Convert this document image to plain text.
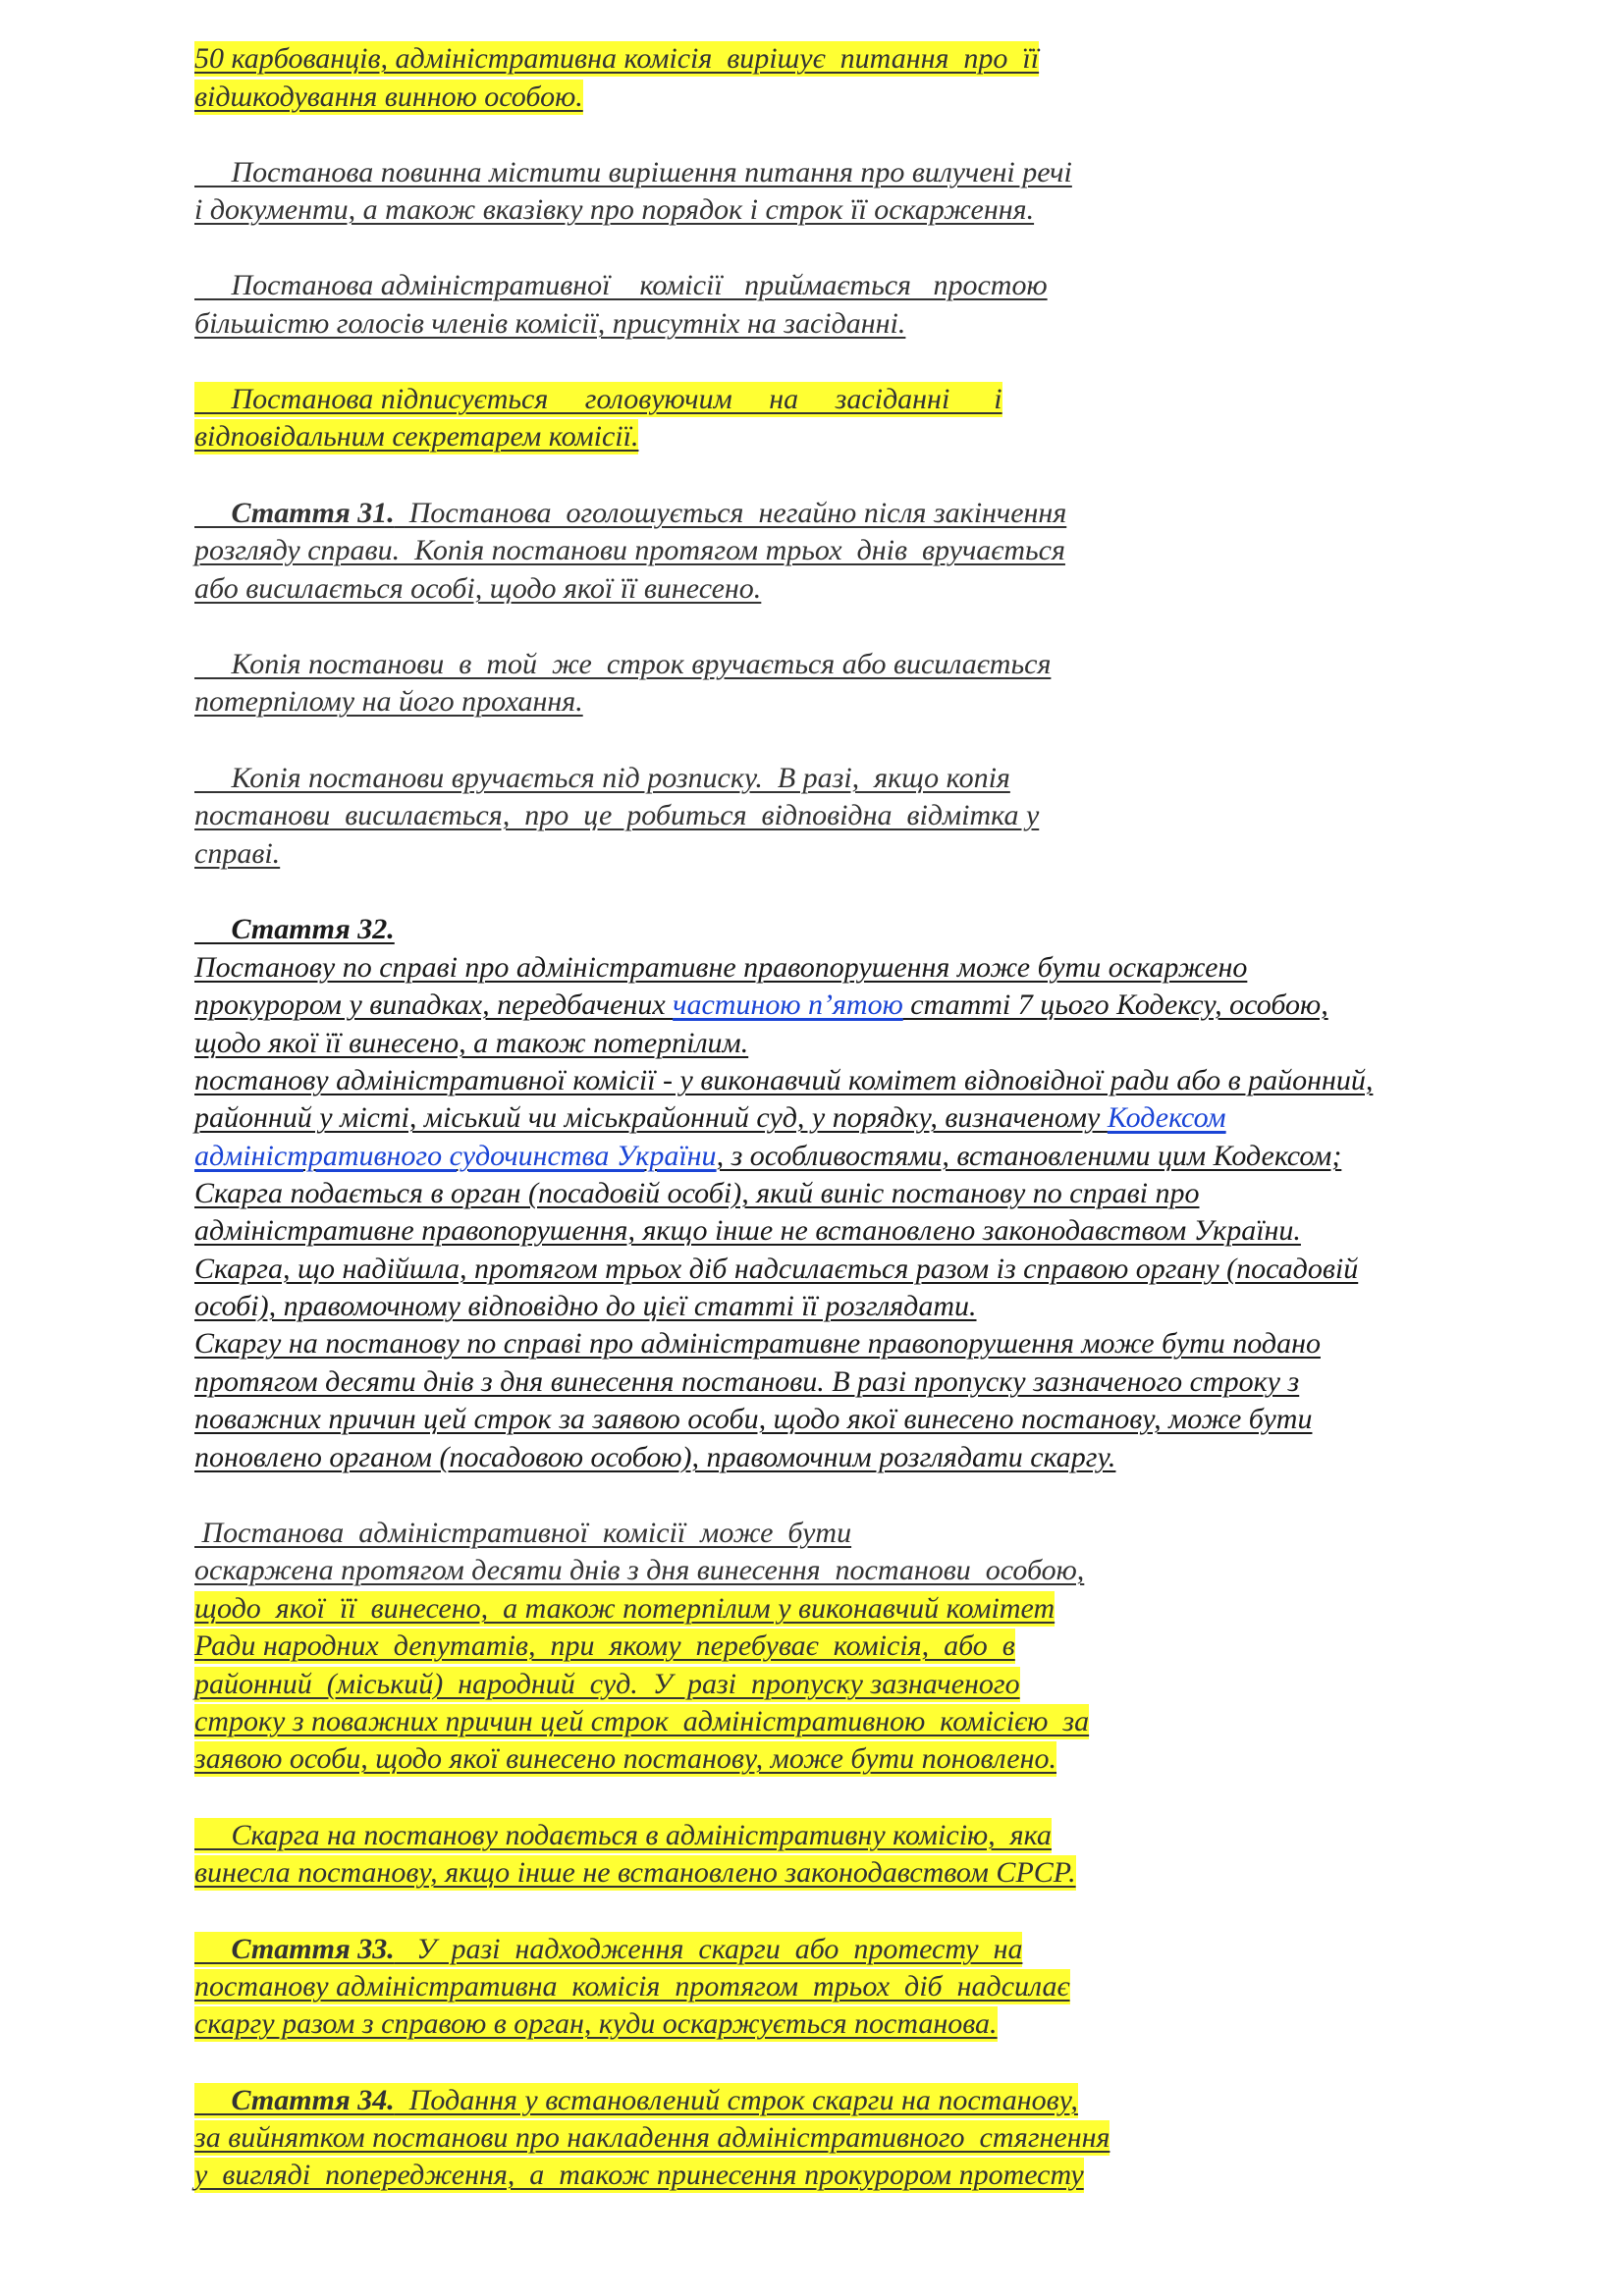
50 карбованців, адміністративна комісія  вирішує  питання  про  її
відшкодування винною особою.
Постанова повинна містити вирішення питання про вилучені речі
і документи, а також вказівку про порядок і строк її оскарження.
Постанова адміністративної    комісії   приймається   простою
більшістю голосів членів комісії, присутніх на засіданні.
Постанова підписується     головуючим     на     засіданні      і
відповідальним секретарем комісії.
Стаття 31.  Постанова  оголошується  негайно після закінчення
розгляду справи.  Копія постанови протягом трьох  днів  вручається
або висилається особі, щодо якої її винесено.
Копія постанови  в  той  же  строк вручається або висилається
потерпілому на його прохання.
Копія постанови вручається під розписку.  В разі,  якщо копія
постанови  висилається,  про  це  робиться  відповідна  відмітка у
справі.
Стаття 32.
Постанову по справі про адміністративне правопорушення може бути оскаржено
прокурором у випадках, передбачених частиною п’ятою статті 7 цього Кодексу, особою,
щодо якої її винесено, а також потерпілим.
постанову адміністративної комісії - у виконавчий комітет відповідної ради або в районний,
районний у місті, міський чи міськрайонний суд, у порядку, визначеному Кодексом
адміністративного судочинства України, з особливостями, встановленими цим Кодексом;
Скарга подається в орган (посадовій особі), який виніс постанову по справі про
адміністративне правопорушення, якщо інше не встановлено законодавством України.
Скарга, що надійшла, протягом трьох діб надсилається разом із справою органу (посадовій
особі), правомочному відповідно до цієї статті її розглядати.
Скаргу на постанову по справі про адміністративне правопорушення може бути подано
протягом десяти днів з дня винесення постанови. В разі пропуску зазначеного строку з
поважних причин цей строк за заявою особи, щодо якої винесено постанову, може бути
поновлено органом (посадовою особою), правомочним розглядати скаргу.
Постанова  адміністративної  комісії  може  бути
оскаржена протягом десяти днів з дня винесення  постанови  особою,
щодо  якої  її  винесено,  а також потерпілим у виконавчий комітет
Ради народних  депутатів,  при  якому  перебуває  комісія,  або  в
районний  (міський)  народний  суд.  У  разі  пропуску зазначеного
строку з поважних причин цей строк  адміністративною  комісією  за
заявою особи, щодо якої винесено постанову, може бути поновлено.
Скарга на постанову подається в адміністративну комісію,  яка
винесла постанову, якщо інше не встановлено законодавством СРСР.
Стаття 33.   У  разі  надходження  скарги  або  протесту  на
постанову адміністративна  комісія  протягом  трьох  діб  надсилає
скаргу разом з справою в орган, куди оскаржується постанова.
Стаття 34.  Подання у встановлений строк скарги на постанову,
за вийнятком постанови про накладення адміністративного  стягнення
у  вигляді  попередження,  а  також принесення прокурором протесту
